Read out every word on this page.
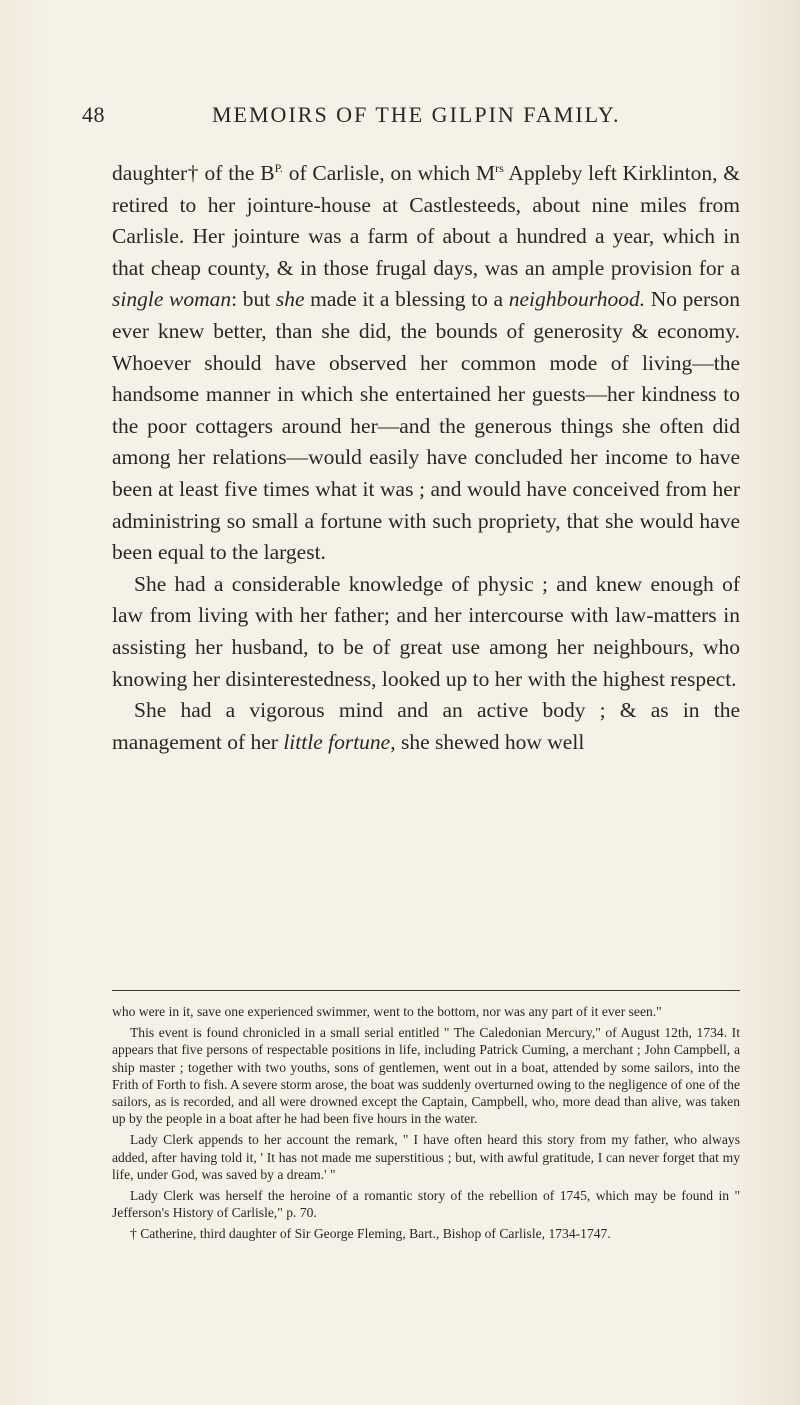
48	MEMOIRS OF THE GILPIN FAMILY.

daughter† of the $B^{P.}$ of Carlisle, on which $M^{rs}$ Appleby left Kirklinton, & retired to her jointure-house at Castlesteeds, about nine miles from Carlisle. Her jointure was a farm of about a hundred a year, which in that cheap county, & in those frugal days, was an ample provision for a single woman: but she made it a blessing to a neighbourhood. No person ever knew better, than she did, the bounds of generosity & economy. Whoever should have observed her common mode of living—the handsome manner in which she entertained her guests—her kindness to the poor cottagers around her—and the generous things she often did among her relations—would easily have concluded her income to have been at least five times what it was ; and would have conceived from her administring so small a fortune with such propriety, that she would have been equal to the largest.

She had a considerable knowledge of physic ; and knew enough of law from living with her father; and her intercourse with law-matters in assisting her husband, to be of great use among her neighbours, who knowing her disinterestedness, looked up to her with the highest respect.

She had a vigorous mind and an active body ; & as in the management of her little fortune, she shewed how well

who were in it, save one experienced swimmer, went to the bottom, nor was any part of it ever seen."

This event is found chronicled in a small serial entitled " The Caledonian Mercury," of August 12th, 1734. It appears that five persons of respectable positions in life, including Patrick Cuming, a merchant ; John Campbell, a ship master ; together with two youths, sons of gentlemen, went out in a boat, attended by some sailors, into the Frith of Forth to fish. A severe storm arose, the boat was suddenly overturned owing to the negligence of one of the sailors, as is recorded, and all were drowned except the Captain, Campbell, who, more dead than alive, was taken up by the people in a boat after he had been five hours in the water.

Lady Clerk appends to her account the remark, " I have often heard this story from my father, who always added, after having told it, ' It has not made me superstitious ; but, with awful gratitude, I can never forget that my life, under God, was saved by a dream.' "

Lady Clerk was herself the heroine of a romantic story of the rebellion of 1745, which may be found in " Jefferson's History of Carlisle," p. 70.

† Catherine, third daughter of Sir George Fleming, Bart., Bishop of Carlisle, 1734-1747.
